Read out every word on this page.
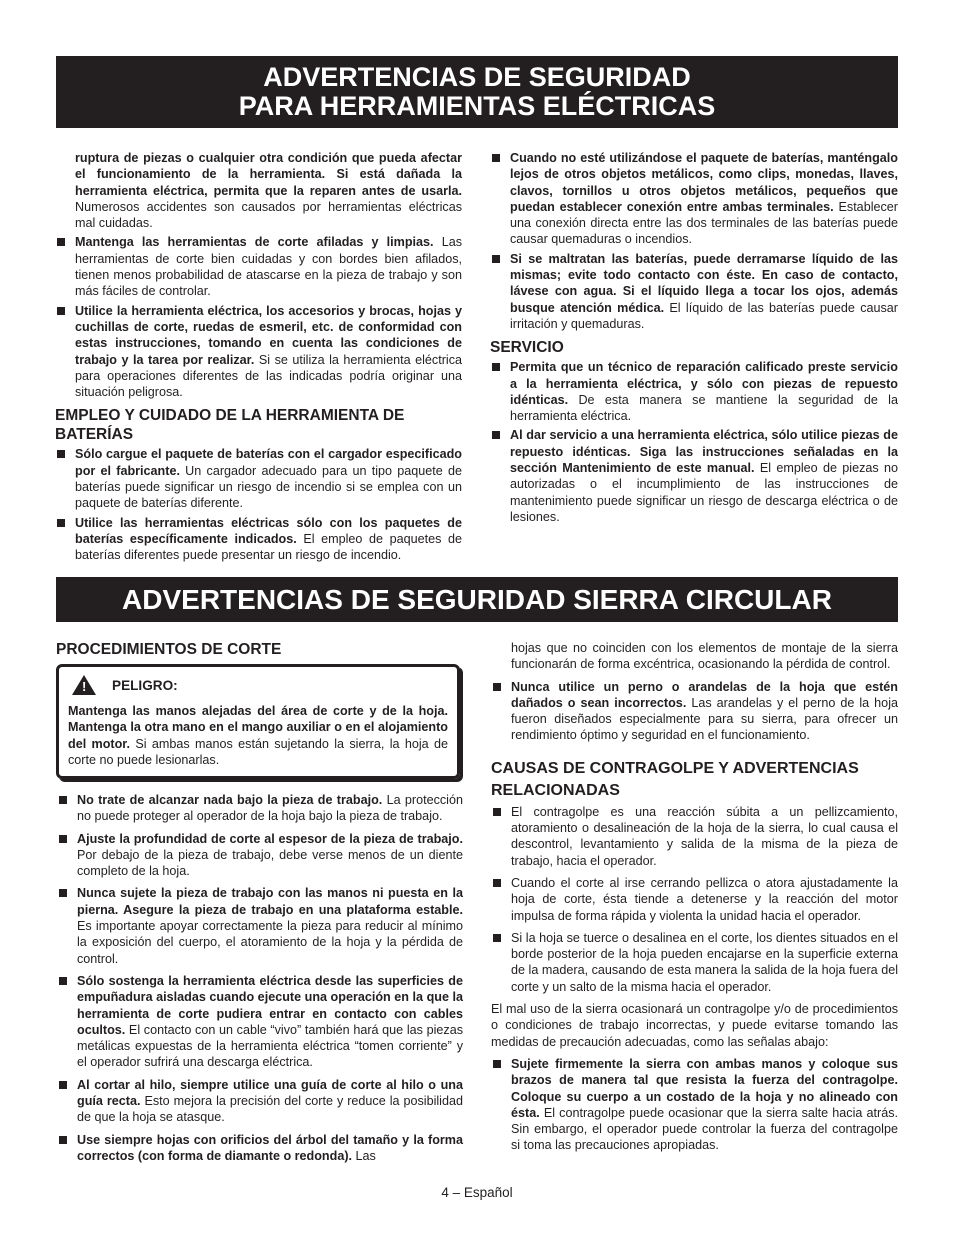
ADVERTENCIAS DE SEGURIDAD
PARA HERRAMIENTAS ELÉCTRICAS

ruptura de piezas o cualquier otra condición que pueda afectar el funcionamiento de la herramienta. Si está dañada la herramienta eléctrica, permita que la reparen antes de usarla. Numerosos accidentes son causados por herramientas eléctricas mal cuidadas.

Mantenga las herramientas de corte afiladas y limpias. Las herramientas de corte bien cuidadas y con bordes bien afilados, tienen menos probabilidad de atascarse en la pieza de trabajo y son más fáciles de controlar.
Utilice la herramienta eléctrica, los accesorios y brocas, hojas y cuchillas de corte, ruedas de esmeril, etc. de conformidad con estas instrucciones, tomando en cuenta las condiciones de trabajo y la tarea por realizar. Si se utiliza la herramienta eléctrica para operaciones diferentes de las indicadas podría originar una situación peligrosa.

EMPLEO Y CUIDADO DE LA HERRAMIENTA DE BATERÍAS

Sólo cargue el paquete de baterías con el cargador especificado por el fabricante. Un cargador adecuado para un tipo paquete de baterías puede significar un riesgo de incendio si se emplea con un paquete de baterías diferente.
Utilice las herramientas eléctricas sólo con los paquetes de baterías específicamente indicados. El empleo de paquetes de baterías diferentes puede presentar un riesgo de incendio.
Cuando no esté utilizándose el paquete de baterías, manténgalo lejos de otros objetos metálicos, como clips, monedas, llaves, clavos, tornillos u otros objetos metálicos, pequeños que puedan establecer conexión entre ambas terminales. Establecer una conexión directa entre las dos terminales de las baterías puede causar quemaduras o incendios.
Si se maltratan las baterías, puede derramarse líquido de las mismas; evite todo contacto con éste. En caso de contacto, lávese con agua. Si el líquido llega a tocar los ojos, además busque atención médica. El líquido de las baterías puede causar irritación y quemaduras.

SERVICIO

Permita que un técnico de reparación calificado preste servicio a la herramienta eléctrica, y sólo con piezas de repuesto idénticas. De esta manera se mantiene la seguridad de la herramienta eléctrica.
Al dar servicio a una herramienta eléctrica, sólo utilice piezas de repuesto idénticas. Siga las instrucciones señaladas en la sección Mantenimiento de este manual. El empleo de piezas no autorizadas o el incumplimiento de las instrucciones de mantenimiento puede significar un riesgo de descarga eléctrica o de lesiones.
ADVERTENCIAS DE SEGURIDAD SIERRA CIRCULAR

PROCEDIMIENTOS DE CORTE

! PELIGRO:

Mantenga las manos alejadas del área de corte y de la hoja. Mantenga la otra mano en el mango auxiliar o en el alojamiento del motor. Si ambas manos están sujetando la sierra, la hoja de corte no puede lesionarlas.

No trate de alcanzar nada bajo la pieza de trabajo. La protección no puede proteger al operador de la hoja bajo la pieza de trabajo.
Ajuste la profundidad de corte al espesor de la pieza de trabajo. Por debajo de la pieza de trabajo, debe verse menos de un diente completo de la hoja.
Nunca sujete la pieza de trabajo con las manos ni puesta en la pierna. Asegure la pieza de trabajo en una plataforma estable. Es importante apoyar correctamente la pieza para reducir al mínimo la exposición del cuerpo, el atoramiento de la hoja y la pérdida de control.
Sólo sostenga la herramienta eléctrica desde las superficies de empuñadura aisladas cuando ejecute una operación en la que la herramienta de corte pudiera entrar en contacto con cables ocultos. El contacto con un cable “vivo” también hará que las piezas metálicas expuestas de la herramienta eléctrica “tomen corriente” y el operador sufrirá una descarga eléctrica.
Al cortar al hilo, siempre utilice una guía de corte al hilo o una guía recta. Esto mejora la precisión del corte y reduce la posibilidad de que la hoja se atasque.
Use siempre hojas con orificios del árbol del tamaño y la forma correctos (con forma de diamante o redonda). Las

hojas que no coinciden con los elementos de montaje de la sierra funcionarán de forma excéntrica, ocasionando la pérdida de control.

Nunca utilice un perno o arandelas de la hoja que estén dañados o sean incorrectos. Las arandelas y el perno de la hoja fueron diseñados especialmente para su sierra, para ofrecer un rendimiento óptimo y seguridad en el funcionamiento.

CAUSAS DE CONTRAGOLPE Y ADVERTENCIAS RELACIONADAS

El contragolpe es una reacción súbita a un pellizcamiento, atoramiento o desalineación de la hoja de la sierra, lo cual causa el descontrol, levantamiento y salida de la misma de la pieza de trabajo, hacia el operador.
Cuando el corte al irse cerrando pellizca o atora ajustadamente la hoja de corte, ésta tiende a detenerse y la reacción del motor impulsa de forma rápida y violenta la unidad hacia el operador.
Si la hoja se tuerce o desalinea en el corte, los dientes situados en el borde posterior de la hoja pueden encajarse en la superficie externa de la madera, causando de esta manera la salida de la hoja fuera del corte y un salto de la misma hacia el operador.

El mal uso de la sierra ocasionará un contragolpe y/o de procedimientos o condiciones de trabajo incorrectas, y puede evitarse tomando las medidas de precaución adecuadas, como las señalas abajo:

Sujete firmemente la sierra con ambas manos y coloque sus brazos de manera tal que resista la fuerza del contragolpe. Coloque su cuerpo a un costado de la hoja y no alineado con ésta. El contragolpe puede ocasionar que la sierra salte hacia atrás. Sin embargo, el operador puede controlar la fuerza del contragolpe si toma las precauciones apropiadas.
4 – Español
